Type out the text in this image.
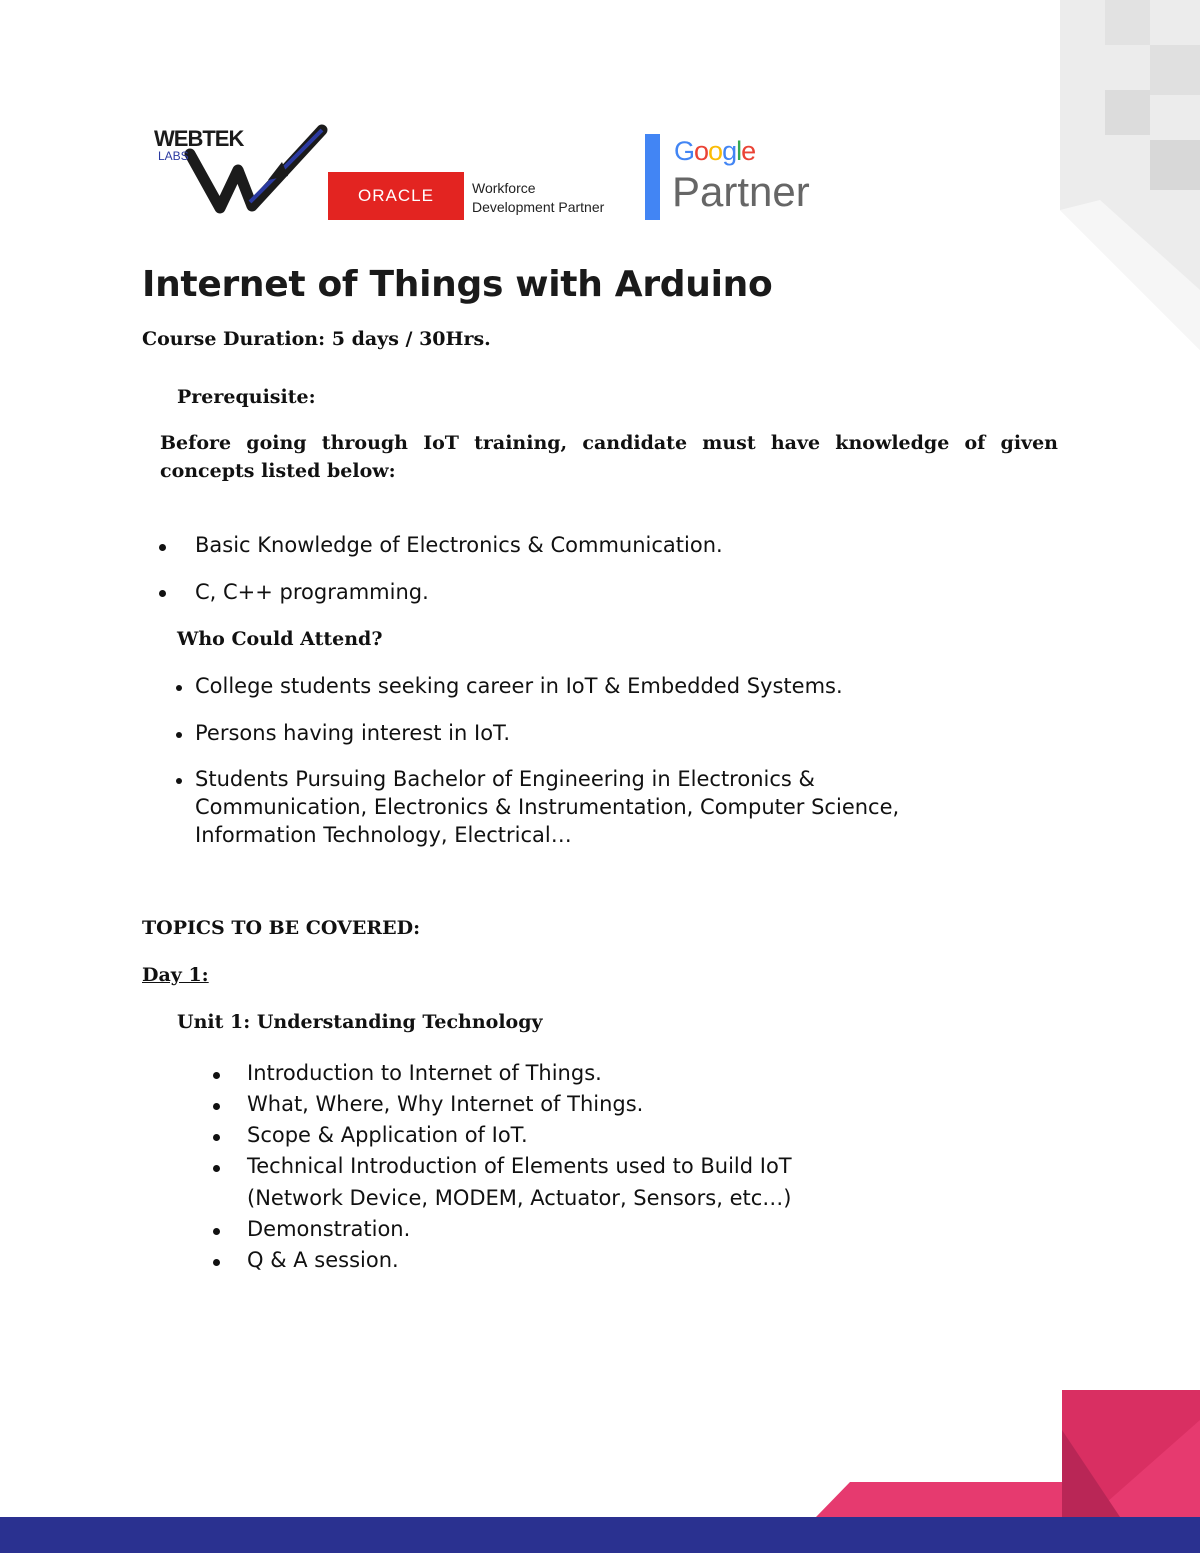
WEBTEK
LABS
ORACLE	Workforce
Development Partner
Google
Partner
Internet of Things with Arduino
Course Duration: 5 days / 30Hrs.
Prerequisite:
Before going through IoT training, candidate must have knowledge of given
concepts listed below:
Basic Knowledge of Electronics & Communication.
C, C++ programming.
Who Could Attend?
College students seeking career in IoT & Embedded Systems.
Persons having interest in IoT.
Students Pursuing Bachelor of Engineering in Electronics &
Communication, Electronics & Instrumentation, Computer Science,
Information Technology, Electrical…
TOPICS TO BE COVERED:
Day 1:
Unit 1: Understanding Technology
Introduction to Internet of Things.
What, Where, Why Internet of Things.
Scope & Application of IoT.
Technical Introduction of Elements used to Build IoT
(Network Device, MODEM, Actuator, Sensors, etc…)
Demonstration.
Q & A session.
